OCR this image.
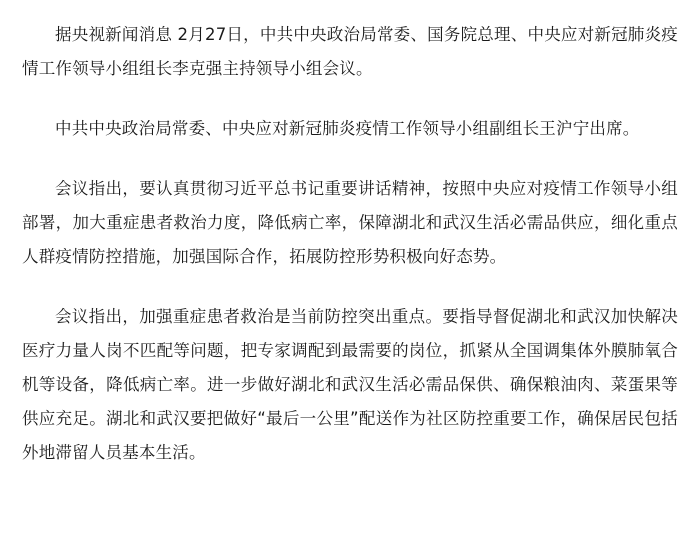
据央视新闻消息 2月27日，中共中央政治局常委、国务院总理、中央应对新冠肺炎疫情工作领导小组组长李克强主持领导小组会议。

中共中央政治局常委、中央应对新冠肺炎疫情工作领导小组副组长王沪宁出席。

会议指出，要认真贯彻习近平总书记重要讲话精神，按照中央应对疫情工作领导小组部署，加大重症患者救治力度，降低病亡率，保障湖北和武汉生活必需品供应，细化重点人群疫情防控措施，加强国际合作，拓展防控形势积极向好态势。

会议指出，加强重症患者救治是当前防控突出重点。要指导督促湖北和武汉加快解决医疗力量人岗不匹配等问题，把专家调配到最需要的岗位，抓紧从全国调集体外膜肺氧合机等设备，降低病亡率。进一步做好湖北和武汉生活必需品保供、确保粮油肉、菜蛋果等供应充足。湖北和武汉要把做好“最后一公里”配送作为社区防控重要工作，确保居民包括外地滞留人员基本生活。
